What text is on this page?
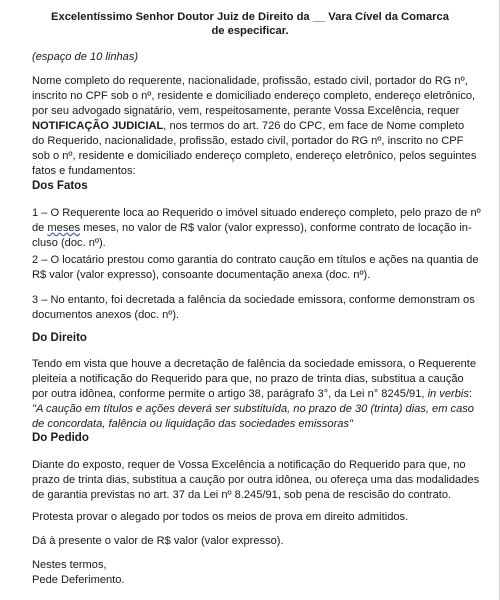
Excelentíssimo Senhor Doutor Juiz de Direito da __ Vara Cível da Comarca
de especificar.

(espaço de 10 linhas)

Nome completo do requerente, nacionalidade, profissão, estado civil, portador do RG nº,
inscrito no CPF sob o nº, residente e domiciliado endereço completo, endereço eletrônico,
por seu advogado signatário, vem, respeitosamente, perante Vossa Excelência, requer
NOTIFICAÇÃO JUDICIAL, nos termos do art. 726 do CPC, em face de Nome completo
do Requerido, nacionalidade, profissão, estado civil, portador do RG nº, inscrito no CPF
sob o nº, residente e domiciliado endereço completo, endereço eletrônico, pelos seguintes
fatos e fundamentos:

Dos Fatos

1 – O Requerente loca ao Requerido o imóvel situado endereço completo, pelo prazo de nº
de meses meses, no valor de R$ valor (valor expresso), conforme contrato de locação in-
cluso (doc. nº).
2 – O locatário prestou como garantia do contrato caução em títulos e ações na quantia de
R$ valor (valor expresso), consoante documentação anexa (doc. nº).
3 – No entanto, foi decretada a falência da sociedade emissora, conforme demonstram os
documentos anexos (doc. nº).

Do Direito

Tendo em vista que houve a decretação de falência da sociedade emissora, o Requerente
pleiteia a notificação do Requerido para que, no prazo de trinta dias, substitua a caução
por outra idônea, conforme permite o artigo 38, parágrafo 3°, da Lei n° 8245/91, in verbis:
"A caução em títulos e ações deverá ser substituída, no prazo de 30 (trinta) dias, em caso
de concordata, falência ou liquidação das sociedades emissoras"

Do Pedido

Diante do exposto, requer de Vossa Excelência a notificação do Requerido para que, no
prazo de trinta dias, substitua a caução por outra idônea, ou ofereça uma das modalidades
de garantia previstas no art. 37 da Lei nº 8.245/91, sob pena de rescisão do contrato.

Protesta provar o alegado por todos os meios de prova em direito admitidos.

Dá à presente o valor de R$ valor (valor expresso).

Nestes termos,
Pede Deferimento.
